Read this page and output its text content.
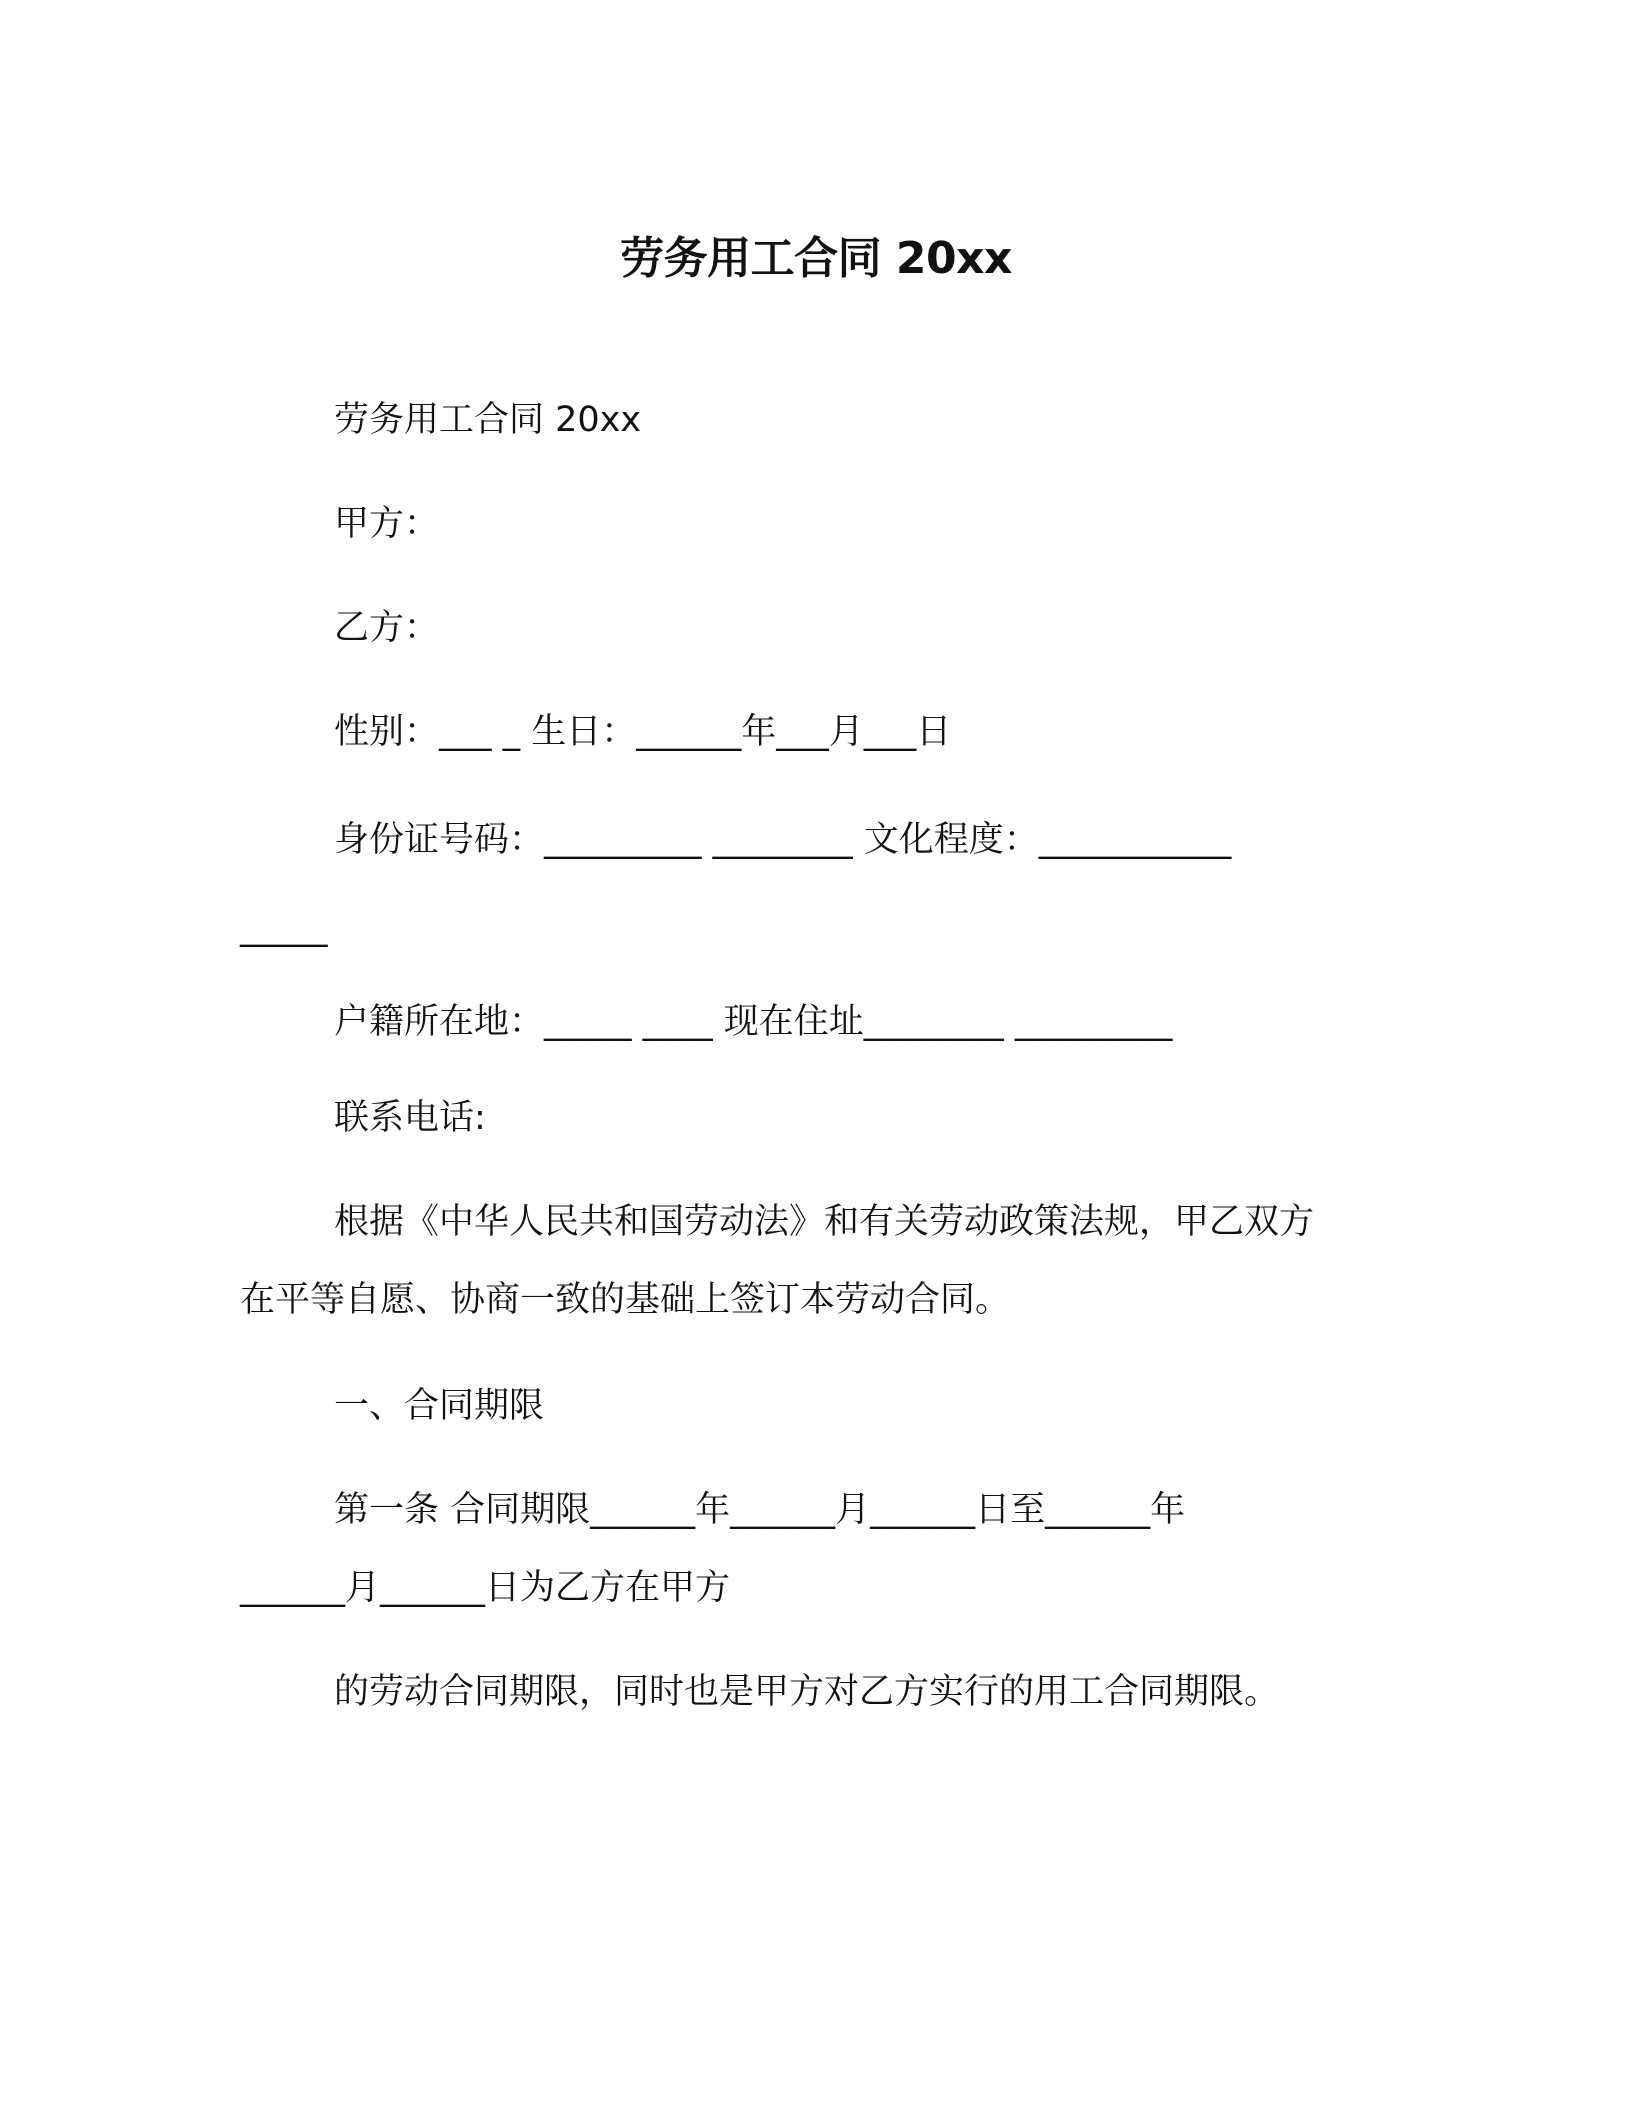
劳务用工合同 20xx
劳务用工合同 20xx
甲方：
乙方：
性别：___ _ 生日：______年___月___日
身份证号码：_________ ________ 文化程度：___________
_____
户籍所在地：_____ ____ 现在住址________ _________
联系电话:
根据《中华人民共和国劳动法》和有关劳动政策法规，甲乙双方
在平等自愿、协商一致的基础上签订本劳动合同。
一、合同期限
第一条 合同期限______年______月______日至______年
______月______日为乙方在甲方
的劳动合同期限，同时也是甲方对乙方实行的用工合同期限。
